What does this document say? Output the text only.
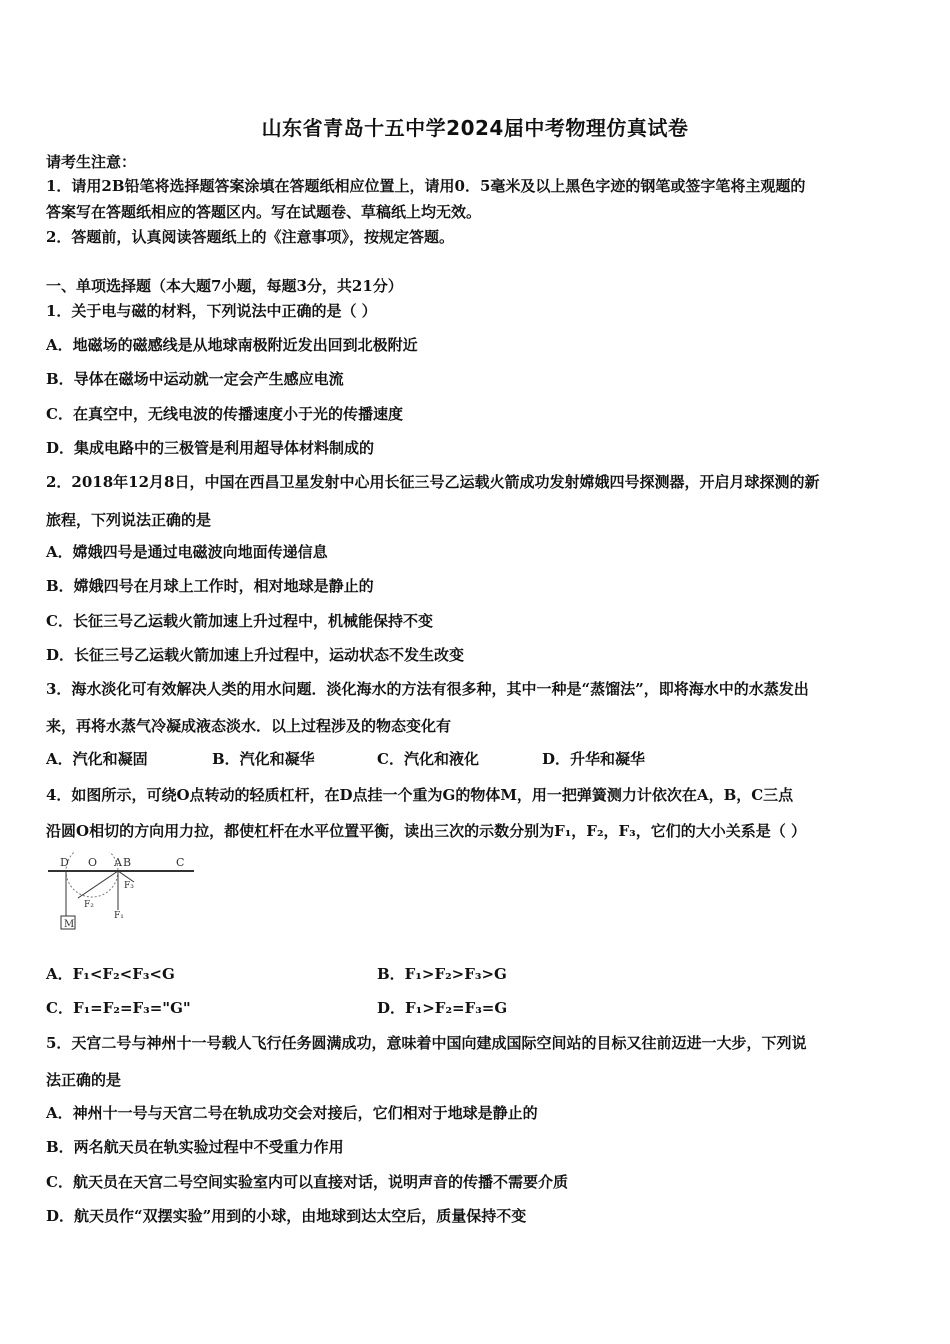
山东省青岛十五中学2024届中考物理仿真试卷
请考生注意：
1．请用2B铅笔将选择题答案涂填在答题纸相应位置上，请用0．5毫米及以上黑色字迹的钢笔或签字笔将主观题的
答案写在答题纸相应的答题区内。写在试题卷、草稿纸上均无效。
2．答题前，认真阅读答题纸上的《注意事项》，按规定答题。
一、单项选择题（本大题7小题，每题3分，共21分）
1．关于电与磁的材料，下列说法中正确的是（ ）
A．地磁场的磁感线是从地球南极附近发出回到北极附近
B．导体在磁场中运动就一定会产生感应电流
C．在真空中，无线电波的传播速度小于光的传播速度
D．集成电路中的三极管是利用超导体材料制成的
2．2018年12月8日，中国在西昌卫星发射中心用长征三号乙运载火箭成功发射嫦娥四号探测器，开启月球探测的新
旅程，下列说法正确的是
A．嫦娥四号是通过电磁波向地面传递信息
B．嫦娥四号在月球上工作时，相对地球是静止的
C．长征三号乙运载火箭加速上升过程中，机械能保持不变
D．长征三号乙运载火箭加速上升过程中，运动状态不发生改变
3．海水淡化可有效解决人类的用水问题．淡化海水的方法有很多种，其中一种是“蒸馏法”，即将海水中的水蒸发出
来，再将水蒸气冷凝成液态淡水．以上过程涉及的物态变化有
A．汽化和凝固	B．汽化和凝华	C．汽化和液化	D．升华和凝华
4．如图所示，可绕O点转动的轻质杠杆，在D点挂一个重为G的物体M，用一把弹簧测力计依次在A，B，C三点
沿圆O相切的方向用力拉，都使杠杆在水平位置平衡，读出三次的示数分别为F₁，F₂，F₃，它们的大小关系是（ ）
D O A B	C
M
F₁
F₂
F₃
A．F₁<F₂<F₃<G	B．F₁>F₂>F₃>G
C．F₁=F₂=F₃="G"	D．F₁>F₂=F₃=G
5．天宫二号与神州十一号载人飞行任务圆满成功，意味着中国向建成国际空间站的目标又往前迈进一大步，下列说
法正确的是
A．神州十一号与天宫二号在轨成功交会对接后，它们相对于地球是静止的
B．两名航天员在轨实验过程中不受重力作用
C．航天员在天宫二号空间实验室内可以直接对话，说明声音的传播不需要介质
D．航天员作“双摆实验”用到的小球，由地球到达太空后，质量保持不变
